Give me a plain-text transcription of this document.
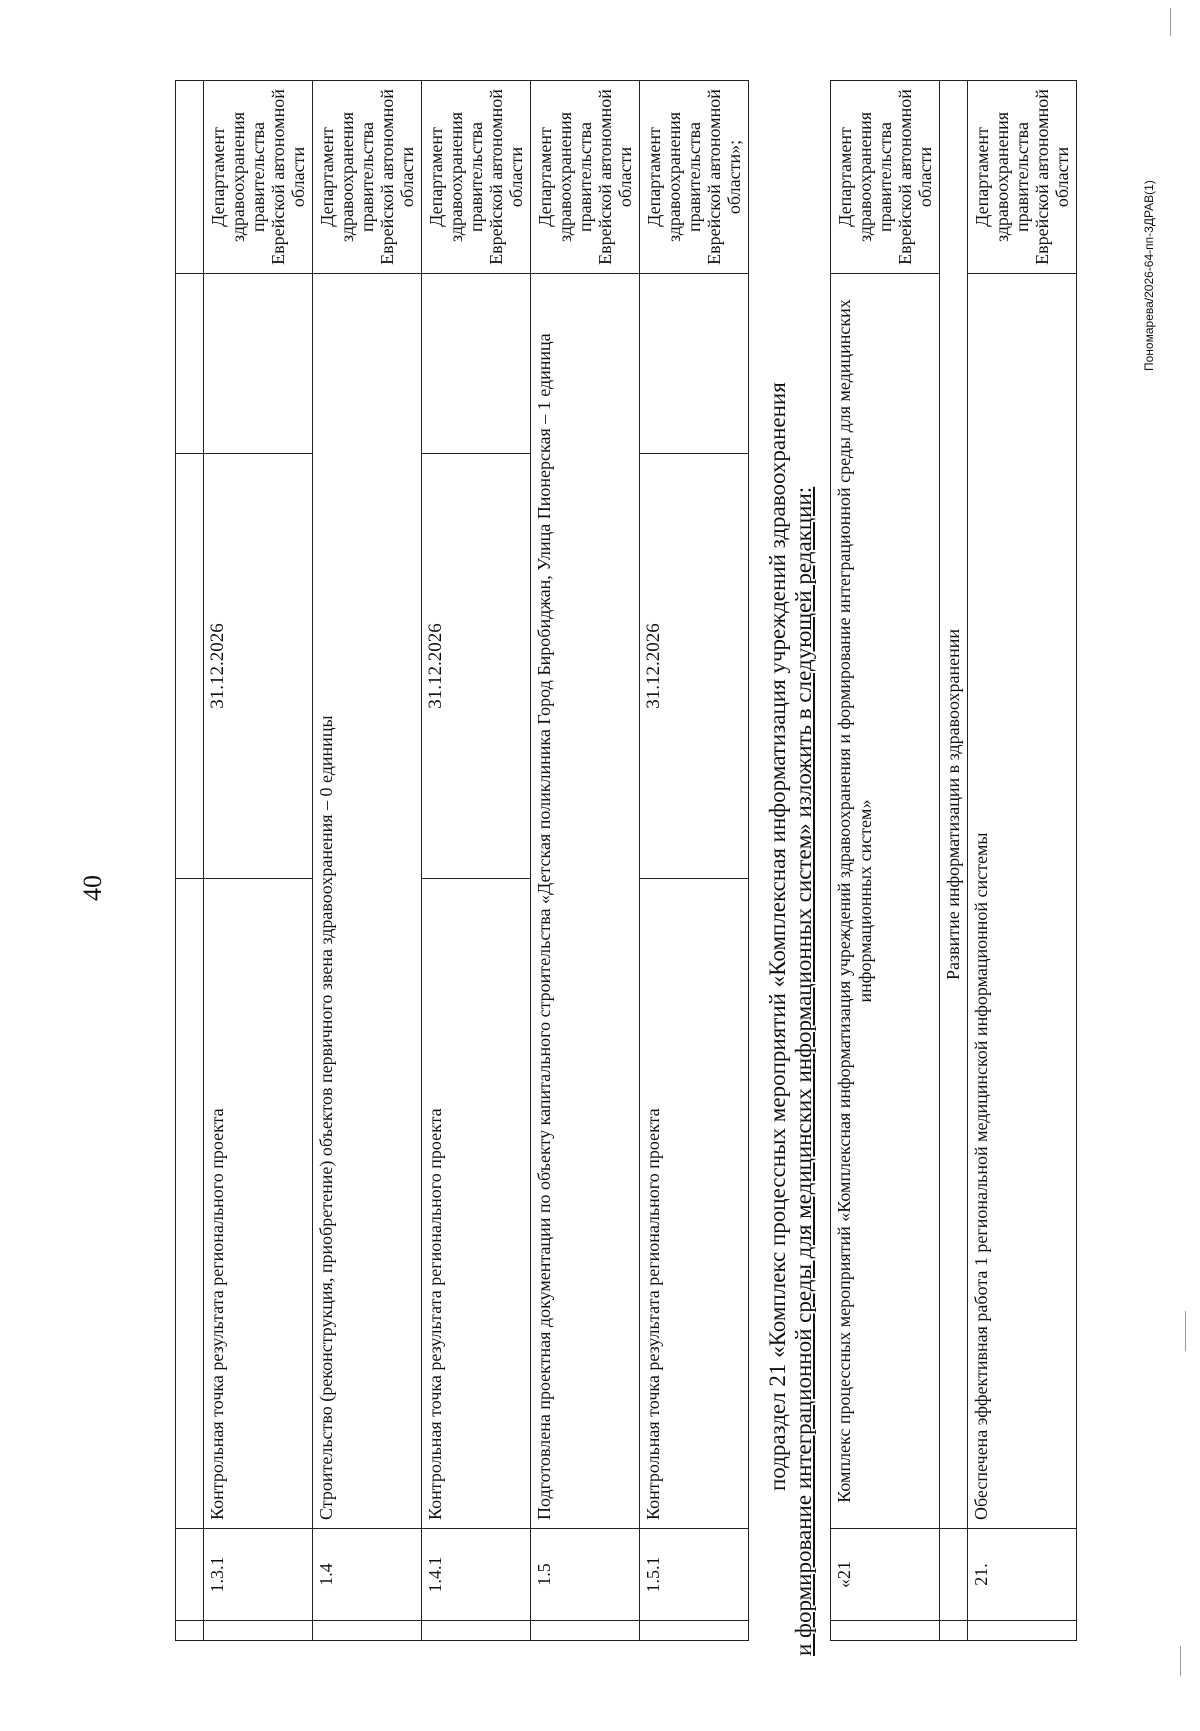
40

	1.3.1	Контрольная точка результата регионального проекта	31.12.2026		Департамент здравоохранения правительства Еврейской автономной области
	1.4	Строительство (реконструкция, приобретение) объектов первичного звена здравоохранения – 0 единицы			Департамент здравоохранения правительства Еврейской автономной области
	1.4.1	Контрольная точка результата регионального проекта	31.12.2026		Департамент здравоохранения правительства Еврейской автономной области
	1.5	Подготовлена проектная документации по объекту капитального строительства «Детская поликлиника Город Биробиджан, Улица Пионерская – 1 единица			Департамент здравоохранения правительства Еврейской автономной области
	1.5.1	Контрольная точка результата регионального проекта	31.12.2026		Департамент здравоохранения правительства Еврейской автономной области»;
подраздел 21 «Комплекс процессных мероприятий «Комплексная информатизация учреждений здравоохранения и формирование интеграционной среды для медицинских информационных систем» изложить в следующей редакции:
	«21	Комплекс процессных мероприятий «Комплексная информатизация учреждений здравоохранения и формирование интеграционной среды для медицинских информационных систем»	Департамент здравоохранения правительства Еврейской автономной области
		Развитие информатизации в здравоохранении	
	21.	Обеспечена эффективная работа 1 региональной медицинской информационной системы	Департамент здравоохранения правительства Еврейской автономной области
Пономарева/2026-64-пп-3ДРАВ(1)
